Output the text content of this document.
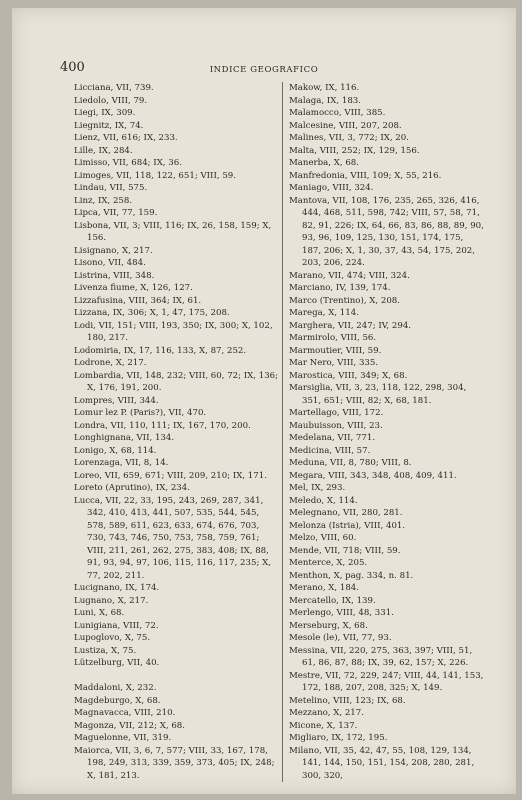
400	INDICE GEOGRAFICO
Licciana, VII, 739.
Liedolo, VIII, 79.
Liegi, IX, 309.
Liegnitz, IX, 74.
Lienz, VII, 616; IX, 233.
Lille, IX, 284.
Limisso, VII, 684; IX, 36.
Limoges, VII, 118, 122, 651; VIII, 59.
Lindau, VII, 575.
Linz, IX, 258.
Lipca, VII, 77, 159.
Lisbona, VII, 3; VIII, 116; IX, 26, 158, 159; X, 156.
Lisignano, X, 217.
Lisono, VII, 484.
Listrina, VIII, 348.
Livenza fiume, X, 126, 127.
Lizzafusina, VIII, 364; IX, 61.
Lizzana, IX, 306; X, 1, 47, 175, 208.
Lodi, VII, 151; VIII, 193, 350; IX, 300; X, 102, 180, 217.
Lodomiria, IX, 17, 116, 133, X, 87, 252.
Lodrone, X, 217.
Lombardia, VII, 148, 232; VIII, 60, 72; IX, 136; X, 176, 191, 200.
Lompres, VIII, 344.
Lomur lez P. (Paris?), VII, 470.
Londra, VII, 110, 111; IX, 167, 170, 200.
Longhignana, VII, 134.
Lonigo, X, 68, 114.
Lorenzaga, VII, 8, 14.
Loreo, VII, 659, 671; VIII, 209, 210; IX, 171.
Loreto (Aprutino), IX, 234.
Lucca, VII, 22, 33, 195, 243, 269, 287, 341, 342, 410, 413, 441, 507, 535, 544, 545, 578, 589, 611, 623, 633, 674, 676, 703, 730, 743, 746, 750, 753, 758, 759, 761; VIII, 211, 261, 262, 275, 383, 408; IX, 88, 91, 93, 94, 97, 106, 115, 116, 117, 235; X, 77, 202, 211.
Lucignano, IX, 174.
Lugnano, X, 217.
Luni, X, 68.
Lunigiana, VIII, 72.
Lupoglovo, X, 75.
Lustiza, X, 75.
Lützelburg, VII, 40.
Maddaloni, X, 232.
Magdeburgo, X, 68.
Magnavacca, VIII, 210.
Magonza, VII, 212; X, 68.
Maguelonne, VII, 319.
Maiorca, VII, 3, 6, 7, 577; VIII, 33, 167, 178, 198, 249, 313, 339, 359, 373, 405; IX, 248; X, 181, 213.
Makow, IX, 116.
Malaga, IX, 183.
Malamocco, VIII, 385.
Malcesine, VIII, 207, 208.
Malines, VII, 3, 772; IX, 20.
Malta, VIII, 252; IX, 129, 156.
Manerba, X, 68.
Manfredonia, VIII, 109; X, 55, 216.
Maniago, VIII, 324.
Mantova, VII, 108, 176, 235, 265, 326, 416, 444, 468, 511, 598, 742; VIII, 57, 58, 71, 82, 91, 226; IX, 64, 66, 83, 86, 88, 89, 90, 93, 96, 109, 125, 130, 151, 174, 175, 187, 206; X, 1, 30, 37, 43, 54, 175, 202, 203, 206, 224.
Marano, VII, 474; VIII, 324.
Marciano, IV, 139, 174.
Marco (Trentino), X, 208.
Marega, X, 114.
Marghera, VII, 247; IV, 294.
Marmirolo, VIII, 56.
Marmoutier, VIII, 59.
Mar Nero, VIII, 335.
Marostica, VIII, 349; X, 68.
Marsiglia, VII, 3, 23, 118, 122, 298, 304, 351, 651; VIII, 82; X, 68, 181.
Martellago, VIII, 172.
Maubuisson, VIII, 23.
Medelana, VII, 771.
Medicina, VIII, 57.
Meduna, VII, 8, 780; VIII, 8.
Megara, VIII, 343, 348, 408, 409, 411.
Mel, IX, 293.
Meledo, X, 114.
Melegnano, VII, 280, 281.
Melonza (Istria), VIII, 401.
Melzo, VIII, 60.
Mende, VII, 718; VIII, 59.
Menterce, X, 205.
Menthon, X, pag. 334, n. 81.
Merano, X, 184.
Mercatello, IX, 139.
Merlengo, VIII, 48, 331.
Merseburg, X, 68.
Mesole (le), VII, 77, 93.
Messina, VII, 220, 275, 363, 397; VIII, 51, 61, 86, 87, 88; IX, 39, 62, 157; X, 226.
Mestre, VII, 72, 229, 247; VIII, 44, 141, 153, 172, 188, 207, 208, 325; X, 149.
Metelino, VIII, 123; IX, 68.
Mezzano, X, 217.
Micone, X, 137.
Migliaro, IX, 172, 195.
Milano, VII, 35, 42, 47, 55, 108, 129, 134, 141, 144, 150, 151, 154, 208, 280, 281, 300, 320,
